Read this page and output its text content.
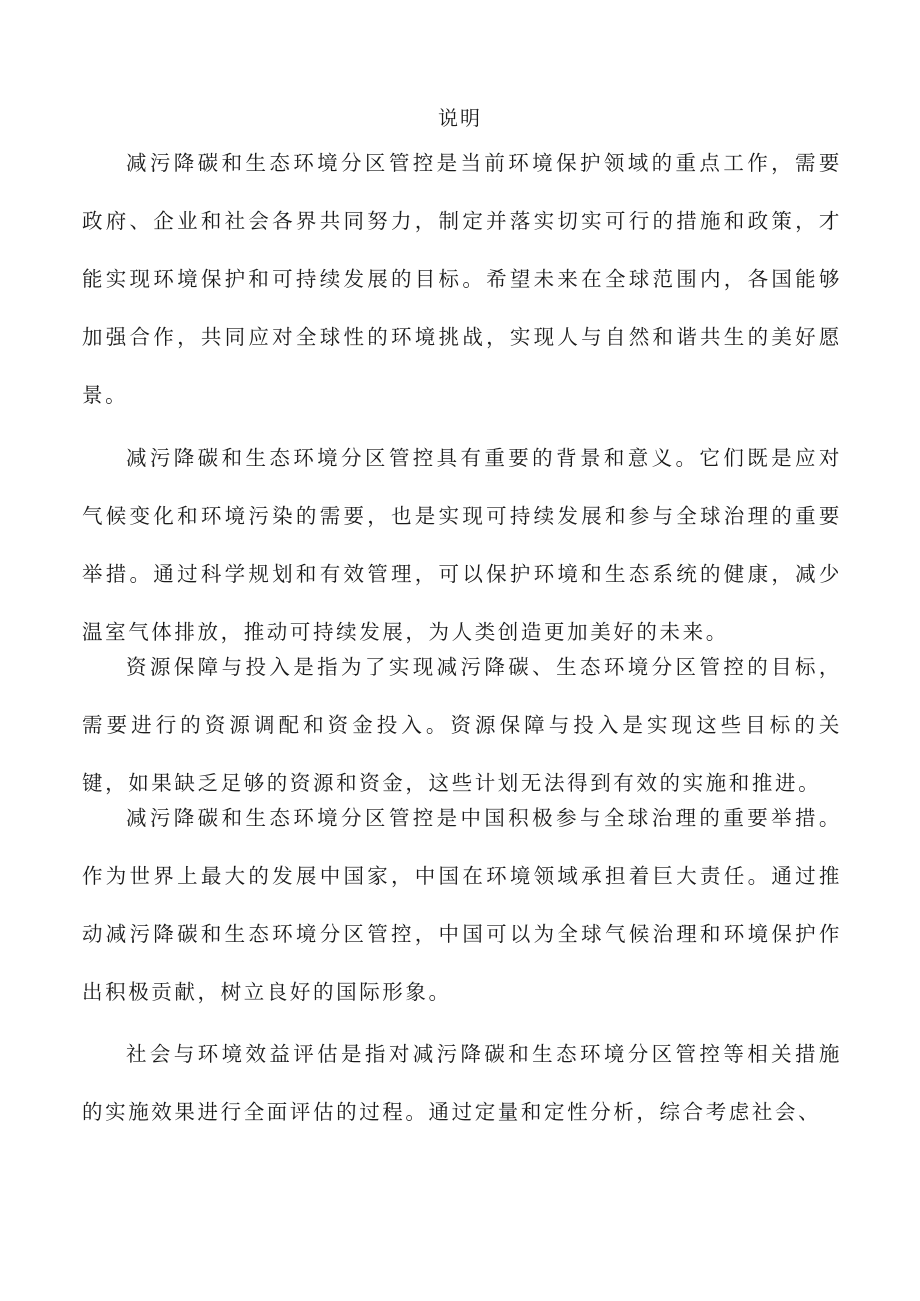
说明

减污降碳和生态环境分区管控是当前环境保护领域的重点工作，需要政府、企业和社会各界共同努力，制定并落实切实可行的措施和政策，才能实现环境保护和可持续发展的目标。希望未来在全球范围内，各国能够加强合作，共同应对全球性的环境挑战，实现人与自然和谐共生的美好愿景。

减污降碳和生态环境分区管控具有重要的背景和意义。它们既是应对气候变化和环境污染的需要，也是实现可持续发展和参与全球治理的重要举措。通过科学规划和有效管理，可以保护环境和生态系统的健康，减少温室气体排放，推动可持续发展，为人类创造更加美好的未来。

资源保障与投入是指为了实现减污降碳、生态环境分区管控的目标，需要进行的资源调配和资金投入。资源保障与投入是实现这些目标的关键，如果缺乏足够的资源和资金，这些计划无法得到有效的实施和推进。

减污降碳和生态环境分区管控是中国积极参与全球治理的重要举措。作为世界上最大的发展中国家，中国在环境领域承担着巨大责任。通过推动减污降碳和生态环境分区管控，中国可以为全球气候治理和环境保护作出积极贡献，树立良好的国际形象。

社会与环境效益评估是指对减污降碳和生态环境分区管控等相关措施的实施效果进行全面评估的过程。通过定量和定性分析，综合考虑社会、
